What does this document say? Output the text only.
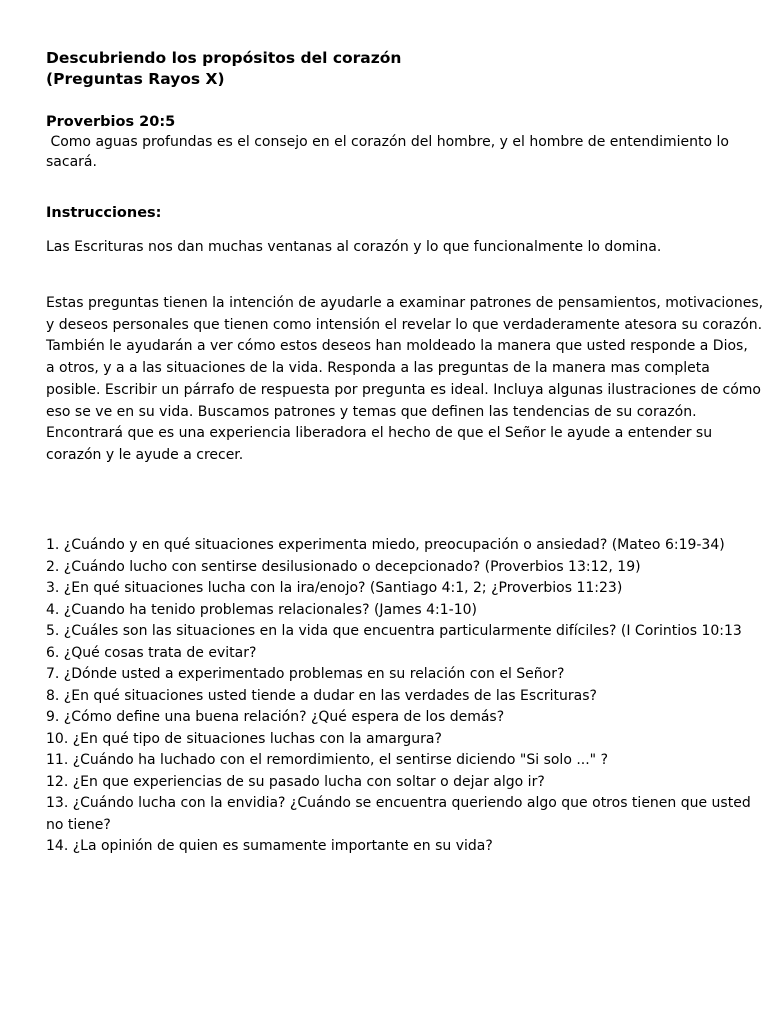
Descubriendo los propósitos del corazón
(Preguntas Rayos X)
Proverbios 20:5

Como aguas profundas es el consejo en el corazón del hombre, y el hombre de entendimiento lo
sacará.

Instrucciones:

Las Escrituras nos dan muchas ventanas al corazón y lo que funcionalmente lo domina.

Estas preguntas tienen la intención de ayudarle a examinar patrones de pensamientos, motivaciones,
y deseos personales que tienen como intensión el revelar lo que verdaderamente atesora su corazón.
También le ayudarán a ver cómo estos deseos han moldeado la manera que usted responde a Dios,
a otros, y a a las situaciones de la vida. Responda a las preguntas de la manera mas completa
posible. Escribir un párrafo de respuesta por pregunta es ideal. Incluya algunas ilustraciones de cómo
eso se ve en su vida. Buscamos patrones y temas que definen las tendencias de su corazón.
Encontrará que es una experiencia liberadora el hecho de que el Señor le ayude a entender su
corazón y le ayude a crecer.

1. ¿Cuándo y en qué situaciones experimenta miedo, preocupación o ansiedad? (Mateo 6:19-34)
2. ¿Cuándo lucho con sentirse desilusionado o decepcionado? (Proverbios 13:12, 19)
3. ¿En qué situaciones lucha con la ira/enojo? (Santiago 4:1, 2; ¿Proverbios 11:23)
4. ¿Cuando ha tenido problemas relacionales? (James 4:1-10)
5. ¿Cuáles son las situaciones en la vida que encuentra particularmente difíciles? (I Corintios 10:13
6. ¿Qué cosas trata de evitar?
7. ¿Dónde usted a experimentado problemas en su relación con el Señor?
8. ¿En qué situaciones usted tiende a dudar en las verdades de las Escrituras?
9. ¿Cómo define una buena relación? ¿Qué espera de los demás?
10. ¿En qué tipo de situaciones luchas con la amargura?
11. ¿Cuándo ha luchado con el remordimiento, el sentirse diciendo "Si solo ..." ?
12. ¿En que experiencias de su pasado lucha con soltar o dejar algo ir?
13. ¿Cuándo lucha con la envidia? ¿Cuándo se encuentra queriendo algo que otros tienen que usted
no tiene?
14. ¿La opinión de quien es sumamente importante en su vida?
